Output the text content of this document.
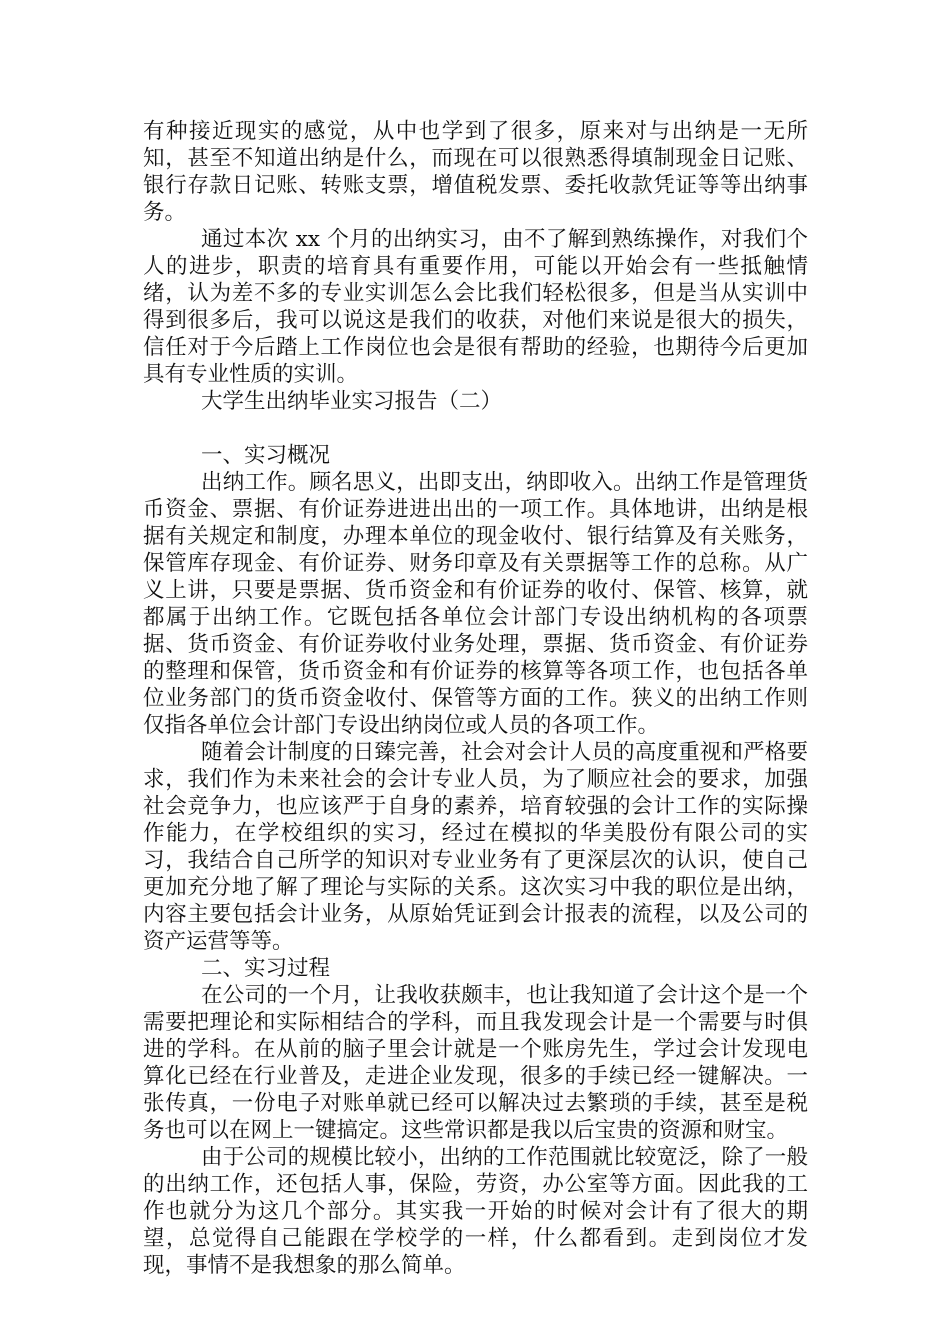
有种接近现实的感觉，从中也学到了很多，原来对与出纳是一无所知，甚至不知道出纳是什么，而现在可以很熟悉得填制现金日记账、银行存款日记账、转账支票，增值税发票、委托收款凭证等等出纳事务。

通过本次 xx 个月的出纳实习，由不了解到熟练操作，对我们个人的进步，职责的培育具有重要作用，可能以开始会有一些抵触情绪，认为差不多的专业实训怎么会比我们轻松很多，但是当从实训中得到很多后，我可以说这是我们的收获，对他们来说是很大的损失，信任对于今后踏上工作岗位也会是很有帮助的经验，也期待今后更加具有专业性质的实训。

大学生出纳毕业实习报告（二）

一、实习概况

出纳工作。顾名思义，出即支出，纳即收入。出纳工作是管理货币资金、票据、有价证券进进出出的一项工作。具体地讲，出纳是根据有关规定和制度，办理本单位的现金收付、银行结算及有关账务，保管库存现金、有价证券、财务印章及有关票据等工作的总称。从广义上讲，只要是票据、货币资金和有价证券的收付、保管、核算，就都属于出纳工作。它既包括各单位会计部门专设出纳机构的各项票据、货币资金、有价证券收付业务处理，票据、货币资金、有价证券的整理和保管，货币资金和有价证券的核算等各项工作，也包括各单位业务部门的货币资金收付、保管等方面的工作。狭义的出纳工作则仅指各单位会计部门专设出纳岗位或人员的各项工作。

随着会计制度的日臻完善，社会对会计人员的高度重视和严格要求，我们作为未来社会的会计专业人员，为了顺应社会的要求，加强社会竞争力，也应该严于自身的素养，培育较强的会计工作的实际操作能力，在学校组织的实习，经过在模拟的华美股份有限公司的实习，我结合自己所学的知识对专业业务有了更深层次的认识，使自己更加充分地了解了理论与实际的关系。这次实习中我的职位是出纳，内容主要包括会计业务，从原始凭证到会计报表的流程，以及公司的资产运营等等。

二、实习过程

在公司的一个月，让我收获颇丰，也让我知道了会计这个是一个需要把理论和实际相结合的学科，而且我发现会计是一个需要与时俱进的学科。在从前的脑子里会计就是一个账房先生，学过会计发现电算化已经在行业普及，走进企业发现，很多的手续已经一键解决。一张传真，一份电子对账单就已经可以解决过去繁琐的手续，甚至是税务也可以在网上一键搞定。这些常识都是我以后宝贵的资源和财宝。

由于公司的规模比较小，出纳的工作范围就比较宽泛，除了一般的出纳工作，还包括人事，保险，劳资，办公室等方面。因此我的工作也就分为这几个部分。其实我一开始的时候对会计有了很大的期望，总觉得自己能跟在学校学的一样，什么都看到。走到岗位才发现，事情不是我想象的那么简单。
